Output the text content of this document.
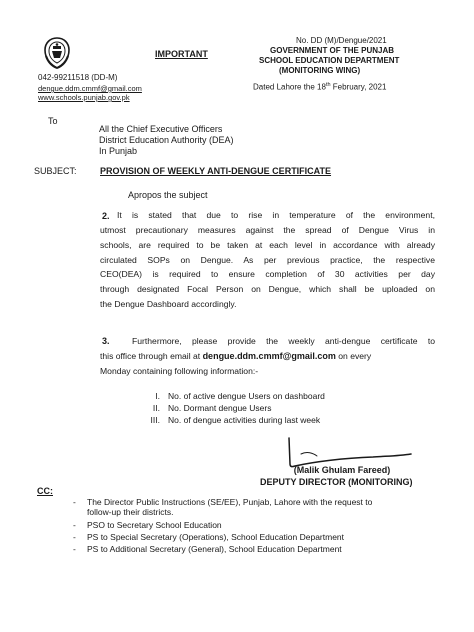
042-99211518 (DD-M)
dengue.ddm.cmmf@gmail.com
www.schools.punjab.gov.pk
IMPORTANT
No. DD (M)/Dengue/2021
GOVERNMENT OF THE PUNJAB
SCHOOL EDUCATION DEPARTMENT
(MONITORING WING)
Dated Lahore the 18th February, 2021
To
All the Chief Executive Officers
District Education Authority (DEA)
In Punjab
SUBJECT:	PROVISION OF WEEKLY ANTI-DENGUE CERTIFICATE
Apropos the subject
2. It is stated that due to rise in temperature of the environment,
utmost precautionary measures against the spread of Dengue Virus in
schools, are required to be taken at each level in accordance with already
circulated SOPs on Dengue. As per previous practice, the respective
CEO(DEA) is required to ensure completion of 30 activities per day
through designated Focal Person on Dengue, which shall be uploaded on
the Dengue Dashboard accordingly.
3.	Furthermore, please provide the weekly anti-dengue certificate to
this office through email at dengue.ddm.cmmf@gmail.com on every
Monday containing following information:-
I. No. of active dengue Users on dashboard
II. No. Dormant dengue Users
III. No. of dengue activities during last week
(Malik Ghulam Fareed)
DEPUTY DIRECTOR (MONITORING)
CC:
- The Director Public Instructions (SE/EE), Punjab, Lahore with the request to
follow-up their districts.
- PSO to Secretary School Education
- PS to Special Secretary (Operations), School Education Department
- PS to Additional Secretary (General), School Education Department
